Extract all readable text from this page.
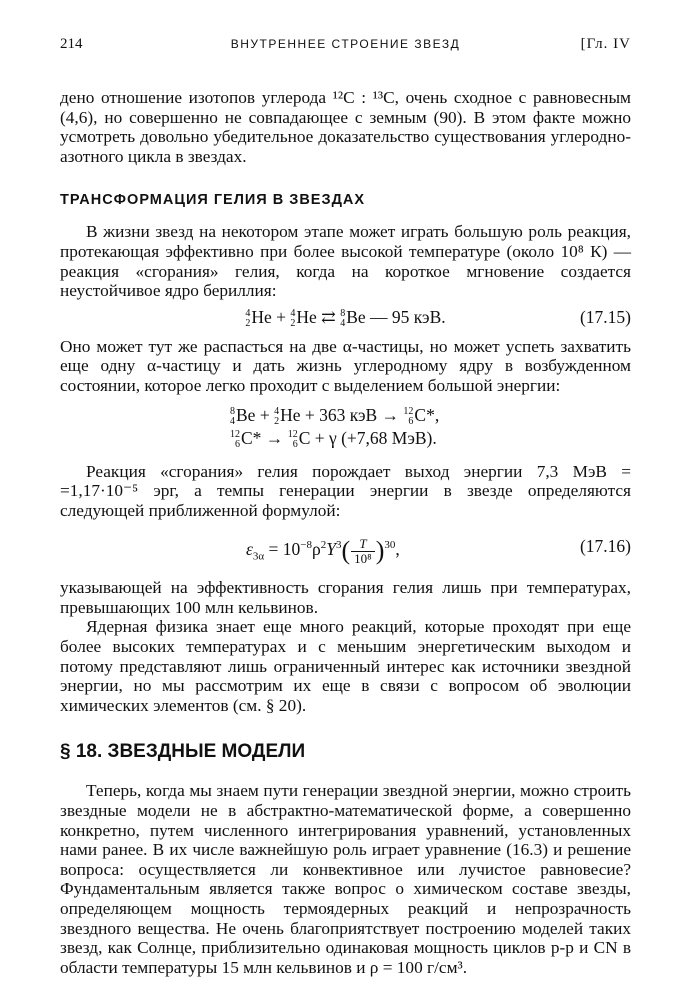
214	ВНУТРЕННЕЕ СТРОЕНИЕ ЗВЕЗД	[Гл. IV

дено отношение изотопов углерода ¹²С : ¹³С, очень сходное с равновесным (4,6), но совершенно не совпадающее с земным (90). В этом факте можно усмотреть довольно убедительное доказательство существования углеродно-азотного цикла в звездах.

ТРАНСФОРМАЦИЯ ГЕЛИЯ В ЗВЕЗДАХ

В жизни звезд на некотором этапе может играть большую роль реакция, протекающая эффективно при более высокой температуре (около 10⁸ К) — реакция «сгорания» гелия, когда на короткое мгновение создается неустойчивое ядро бериллия:

4
2 He + 4
2 He ⇄ 8
4 Be — 95 кэВ.	(17.15)

Оно может тут же распасться на две α-частицы, но может успеть захватить еще одну α-частицу и дать жизнь углеродному ядру в возбужденном состоянии, которое легко проходит с выделением большой энергии:

8
4 Be + 4
2 He + 363 кэВ → 12
6 C*,
12
6 C* → 12
6 C + γ (+7,68 МэВ).

Реакция «сгорания» гелия порождает выход энергии 7,3 МэВ = =1,17·10⁻⁵ эрг, а темпы генерации энергии в звезде определяются следующей приближенной формулой:

$\varepsilon_{3\alpha} = 10^{-8}\rho^2Y^3( \frac{T}{\text{10⁸}} )^{30}$,	(17.16)

указывающей на эффективность сгорания гелия лишь при температурах, превышающих 100 млн кельвинов.

Ядерная физика знает еще много реакций, которые проходят при еще более высоких температурах и с меньшим энергетическим выходом и потому представляют лишь ограниченный интерес как источники звездной энергии, но мы рассмотрим их еще в связи с вопросом об эволюции химических элементов (см. § 20).

§ 18. ЗВЕЗДНЫЕ МОДЕЛИ

Теперь, когда мы знаем пути генерации звездной энергии, можно строить звездные модели не в абстрактно-математической форме, а совершенно конкретно, путем численного интегрирования уравнений, установленных нами ранее. В их числе важнейшую роль играет уравнение (16.3) и решение вопроса: осуществляется ли конвективное или лучистое равновесие? Фундаментальным является также вопрос о химическом составе звезды, определяющем мощность термоядерных реакций и непрозрачность звездного вещества. Не очень благоприятствует построению моделей таких звезд, как Солнце, приблизительно одинаковая мощность циклов p-p и CN в области температуры 15 млн кельвинов и ρ = 100 г/см³.
